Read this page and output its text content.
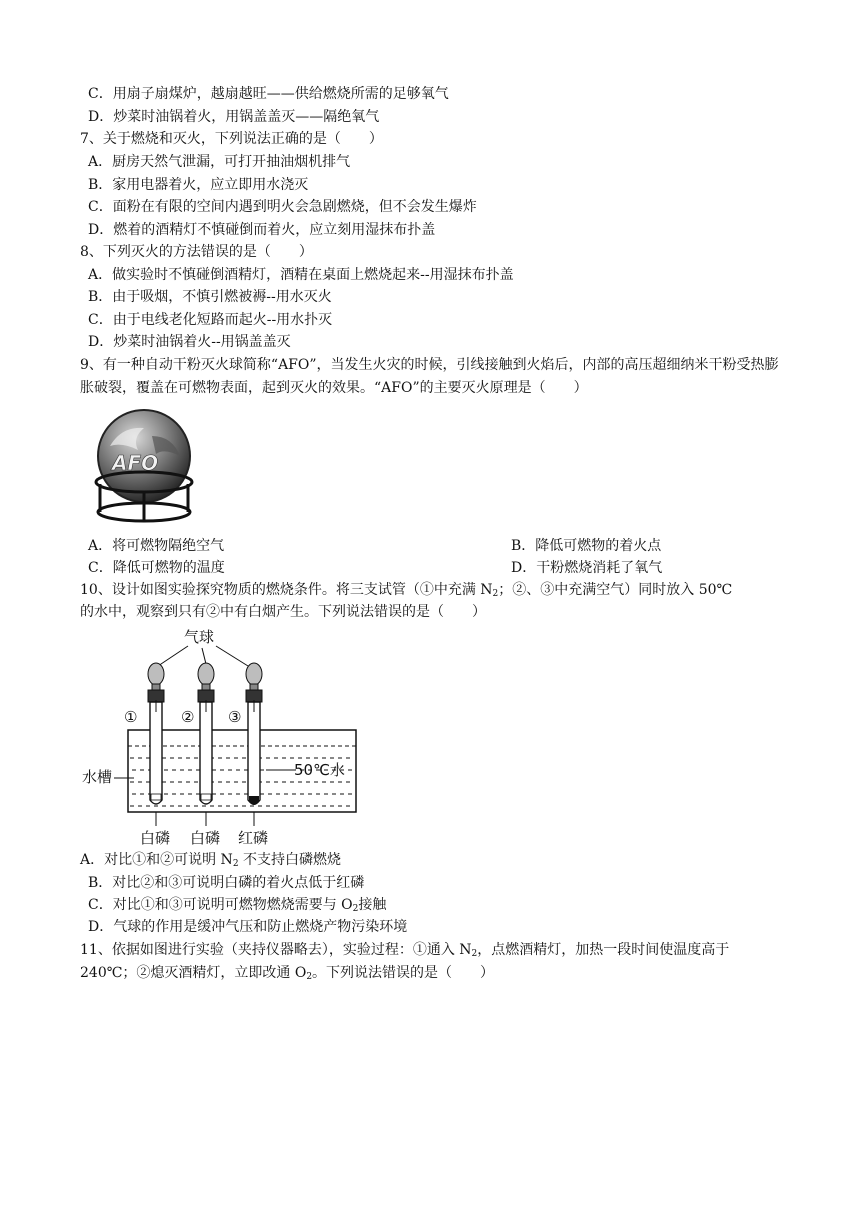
C．用扇子扇煤炉，越扇越旺——供给燃烧所需的足够氧气
D．炒菜时油锅着火，用锅盖盖灭——隔绝氧气
7、关于燃烧和灭火，下列说法正确的是（　　）
A．厨房天然气泄漏，可打开抽油烟机排气
B．家用电器着火，应立即用水浇灭
C．面粉在有限的空间内遇到明火会急剧燃烧，但不会发生爆炸
D．燃着的酒精灯不慎碰倒而着火，应立刻用湿抹布扑盖
8、下列灭火的方法错误的是（　　）
A．做实验时不慎碰倒酒精灯，酒精在桌面上燃烧起来--用湿抹布扑盖
B．由于吸烟，不慎引燃被褥--用水灭火
C．由于电线老化短路而起火--用水扑灭
D．炒菜时油锅着火--用锅盖盖灭
9、有一种自动干粉灭火球简称“AFO”，当发生火灾的时候，引线接触到火焰后，内部的高压超细纳米干粉受热膨胀破裂，覆盖在可燃物表面，起到灭火的效果。“AFO”的主要灭火原理是（　　）
AFO
A．将可燃物隔绝空气	B．降低可燃物的着火点
C．降低可燃物的温度	D．干粉燃烧消耗了氧气
10、设计如图实验探究物质的燃烧条件。将三支试管（①中充满 $N_2$；②、③中充满空气）同时放入 50℃
的水中，观察到只有②中有白烟产生。下列说法错误的是（　　）
气球
①	② ③
水槽	50℃水
白磷 白磷 红磷
A．对比①和②可说明 $N_2$ 不支持白磷燃烧
B．对比②和③可说明白磷的着火点低于红磷
C．对比①和③可说明可燃物燃烧需要与 $O_2$接触
D．气球的作用是缓冲气压和防止燃烧产物污染环境
11、依据如图进行实验（夹持仪器略去），实验过程：①通入 $N_2$，点燃酒精灯，加热一段时间使温度高于
240℃；②熄灭酒精灯，立即改通 $O_2$。下列说法错误的是（　　）
